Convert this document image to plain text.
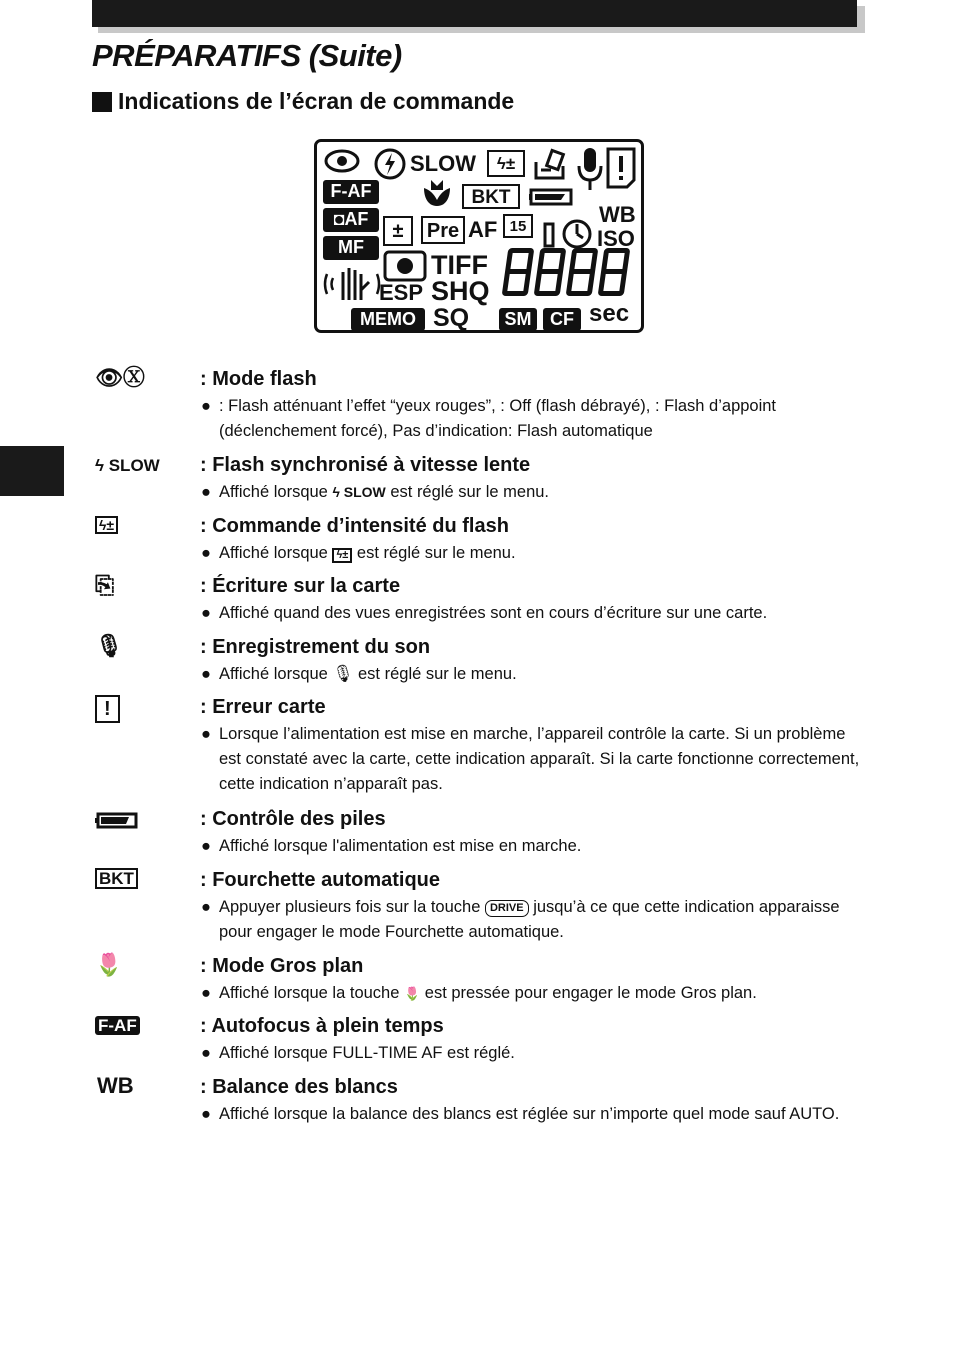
PRÉPARATIFS (Suite)
Indications de l’écran de commande
SLOW	ϟ±
F-AF	BKT
◘AF
±	Pre AF 15	WB
ISO
MF
ESP
TIFF
SHQ
MEMO SQ	SM	CF sec
👁Ⓧ	: Mode flash
● : Flash atténuant l’effet “yeux rouges”, : Off (flash débrayé), : Flash d’appoint (déclenchement forcé), Pas d’indication: Flash automatique
ϟ SLOW : Flash synchronisé à vitesse lente
● Affiché lorsque ϟ SLOW est réglé sur le menu.
ϟ±	: Commande d’intensité du flash
● Affiché lorsque ϟ± est réglé sur le menu.
⎘	: Écriture sur la carte
● Affiché quand des vues enregistrées sont en cours d’écriture sur une carte.
🎙	: Enregistrement du son
● Affiché lorsque 🎙 est réglé sur le menu.
!	: Erreur carte
● Lorsque l’alimentation est mise en marche, l’appareil contrôle la carte. Si un problème est constaté avec la carte, cette indication apparaît. Si la carte fonctionne correctement, cette indication n’apparaît pas.
: Contrôle des piles
● Affiché lorsque l'alimentation est mise en marche.
BKT	: Fourchette automatique
● Appuyer plusieurs fois sur la touche DRIVE jusqu’à ce que cette indication apparaisse pour engager le mode Fourchette automatique.
🌷	: Mode Gros plan
● Affiché lorsque la touche 🌷 est pressée pour engager le mode Gros plan.
F-AF	: Autofocus à plein temps
● Affiché lorsque FULL-TIME AF est réglé.
WB	: Balance des blancs
● Affiché lorsque la balance des blancs est réglée sur n’importe quel mode sauf AUTO.
